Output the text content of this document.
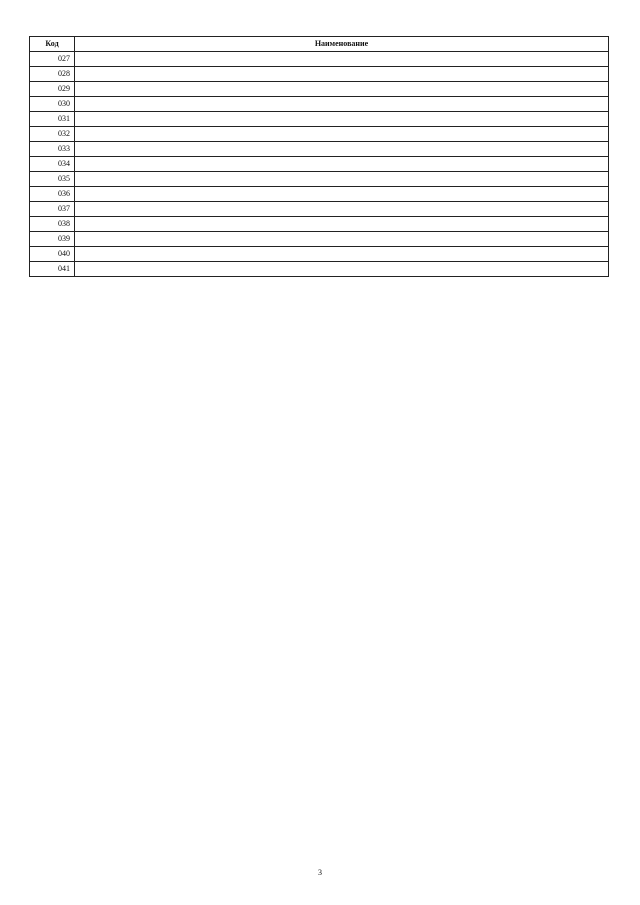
Код	Наименование
027	
028	
029	
030	
031	
032	
033	
034	
035	
036	
037	
038	
039	
040	
041	
3
